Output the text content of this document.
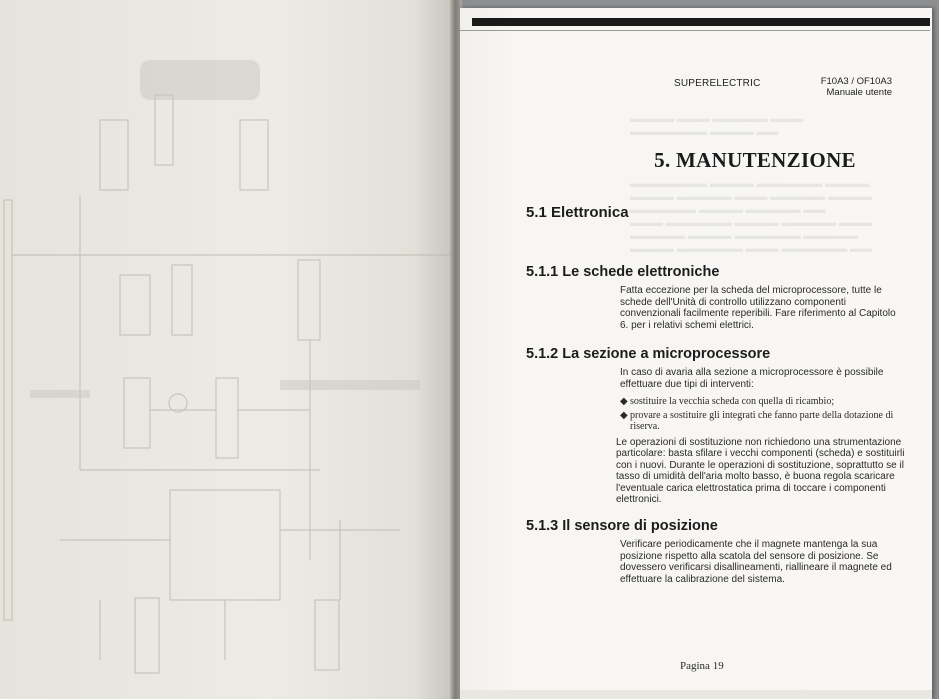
SUPERELECTRIC	F10A3 / OF10A3
Manuale utente
▬▬▬▬ ▬▬▬ ▬▬▬▬▬ ▬▬▬
▬▬▬▬▬▬▬ ▬▬▬▬ ▬▬

▬▬▬▬▬▬▬ ▬▬▬▬ ▬▬▬▬▬▬ ▬▬▬▬
▬▬▬▬ ▬▬▬▬▬ ▬▬▬ ▬▬▬▬▬ ▬▬▬▬
▬▬▬▬▬▬ ▬▬▬▬ ▬▬▬▬▬ ▬▬
▬▬▬ ▬▬▬▬▬▬ ▬▬▬▬ ▬▬▬▬▬ ▬▬▬
▬▬▬▬▬ ▬▬▬▬ ▬▬▬▬▬▬ ▬▬▬▬▬
▬▬▬▬ ▬▬▬▬▬▬ ▬▬▬ ▬▬▬▬▬▬ ▬▬
5. MANUTENZIONE
5.1 Elettronica
5.1.1 Le schede elettroniche

Fatta eccezione per la scheda del microprocessore, tutte le schede dell'Unità di controllo utilizzano componenti convenzionali facilmente reperibili. Fare riferimento al Capitolo 6. per i relativi schemi elettrici.

5.1.2 La sezione a microprocessore

In caso di avaria alla sezione a microprocessore è possibile effettuare due tipi di interventi:

◆ sostituire la vecchia scheda con quella di ricambio;
◆ provare a sostituire gli integrati che fanno parte della dotazione di riserva.

Le operazioni di sostituzione non richiedono una strumentazione particolare: basta sfilare i vecchi componenti (scheda) e sostituirli con i nuovi. Durante le operazioni di sostituzione, soprattutto se il tasso di umidità dell'aria molto basso, è buona regola scaricare l'eventuale carica elettrostatica prima di toccare i componenti elettronici.

5.1.3 Il sensore di posizione

Verificare periodicamente che il magnete mantenga la sua posizione rispetto alla scatola del sensore di posizione. Se dovessero verificarsi disallineamenti, riallineare il magnete ed effettuare la calibrazione del sistema.

Pagina 19
